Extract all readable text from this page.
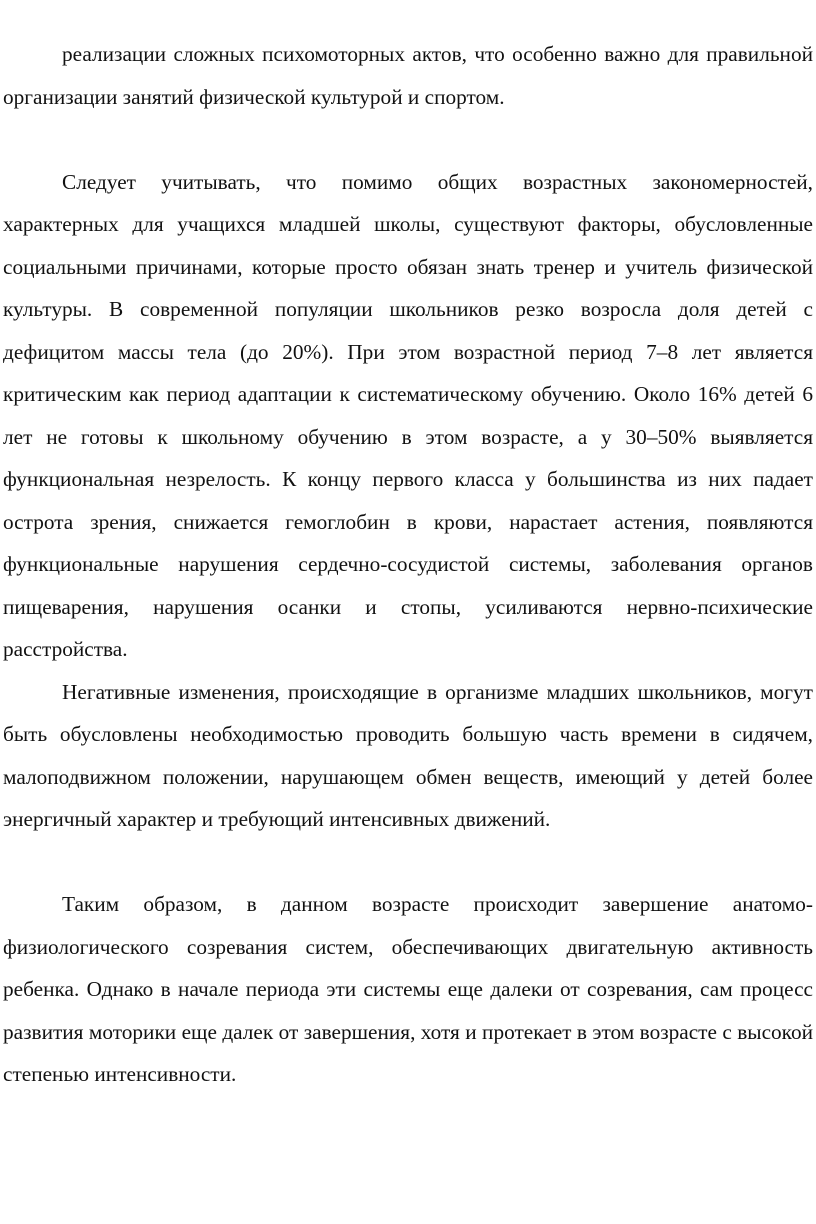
реализации сложных психомоторных актов, что особенно важно для правильной организации занятий физической культурой и спортом.

Следует учитывать, что помимо общих возрастных закономерностей, характерных для учащихся младшей школы, существуют факторы, обусловленные социальными причинами, которые просто обязан знать тренер и учитель физической культуры. В современной популяции школьников резко возросла доля детей с дефицитом массы тела (до 20%). При этом возрастной период 7–8 лет является критическим как период адаптации к систематическому обучению. Около 16% детей 6 лет не готовы к школьному обучению в этом возрасте, а у 30–50% выявляется функциональная незрелость. К концу первого класса у большинства из них падает острота зрения, снижается гемоглобин в крови, нарастает астения, появляются функциональные нарушения сердечно-сосудистой системы, заболевания органов пищеварения, нарушения осанки и стопы, усиливаются нервно-психические расстройства.

Негативные изменения, происходящие в организме младших школьников, могут быть обусловлены необходимостью проводить большую часть времени в сидячем, малоподвижном положении, нарушающем обмен веществ, имеющий у детей более энергичный характер и требующий интенсивных движений.

Таким образом, в данном возрасте происходит завершение анатомо-физиологического созревания систем, обеспечивающих двигательную активность ребенка. Однако в начале периода эти системы еще далеки от созревания, сам процесс развития моторики еще далек от завершения, хотя и протекает в этом возрасте с высокой степенью интенсивности.
